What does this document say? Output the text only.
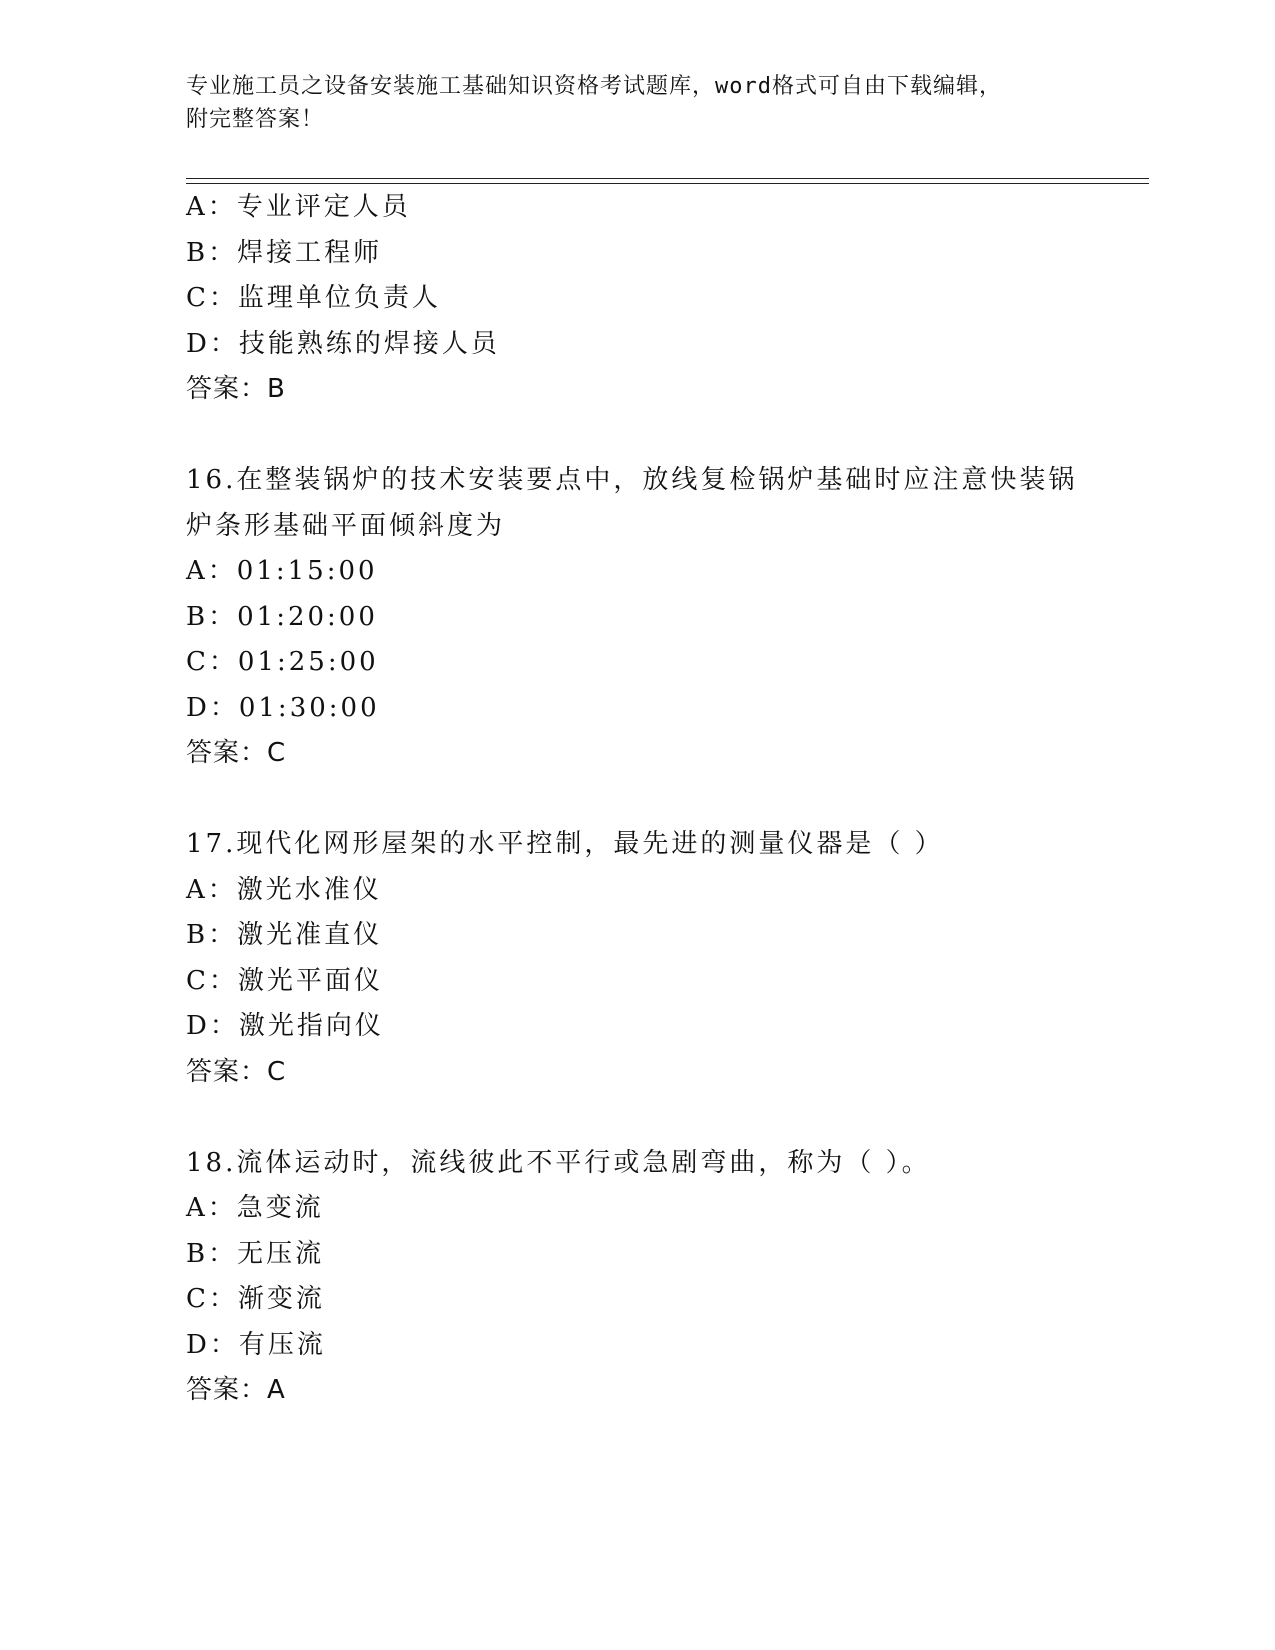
专业施工员之设备安装施工基础知识资格考试题库，word格式可自由下载编辑，
附完整答案！
A：专业评定人员
B：焊接工程师
C：监理单位负责人
D：技能熟练的焊接人员
答案：B
16.在整装锅炉的技术安装要点中，放线复检锅炉基础时应注意快装锅
炉条形基础平面倾斜度为
A：01:15:00
B：01:20:00
C：01:25:00
D：01:30:00
答案：C
17.现代化网形屋架的水平控制，最先进的测量仪器是（ ）
A：激光水准仪
B：激光准直仪
C：激光平面仪
D：激光指向仪
答案：C
18.流体运动时，流线彼此不平行或急剧弯曲，称为（ ）。
A：急变流
B：无压流
C：渐变流
D：有压流
答案：A
